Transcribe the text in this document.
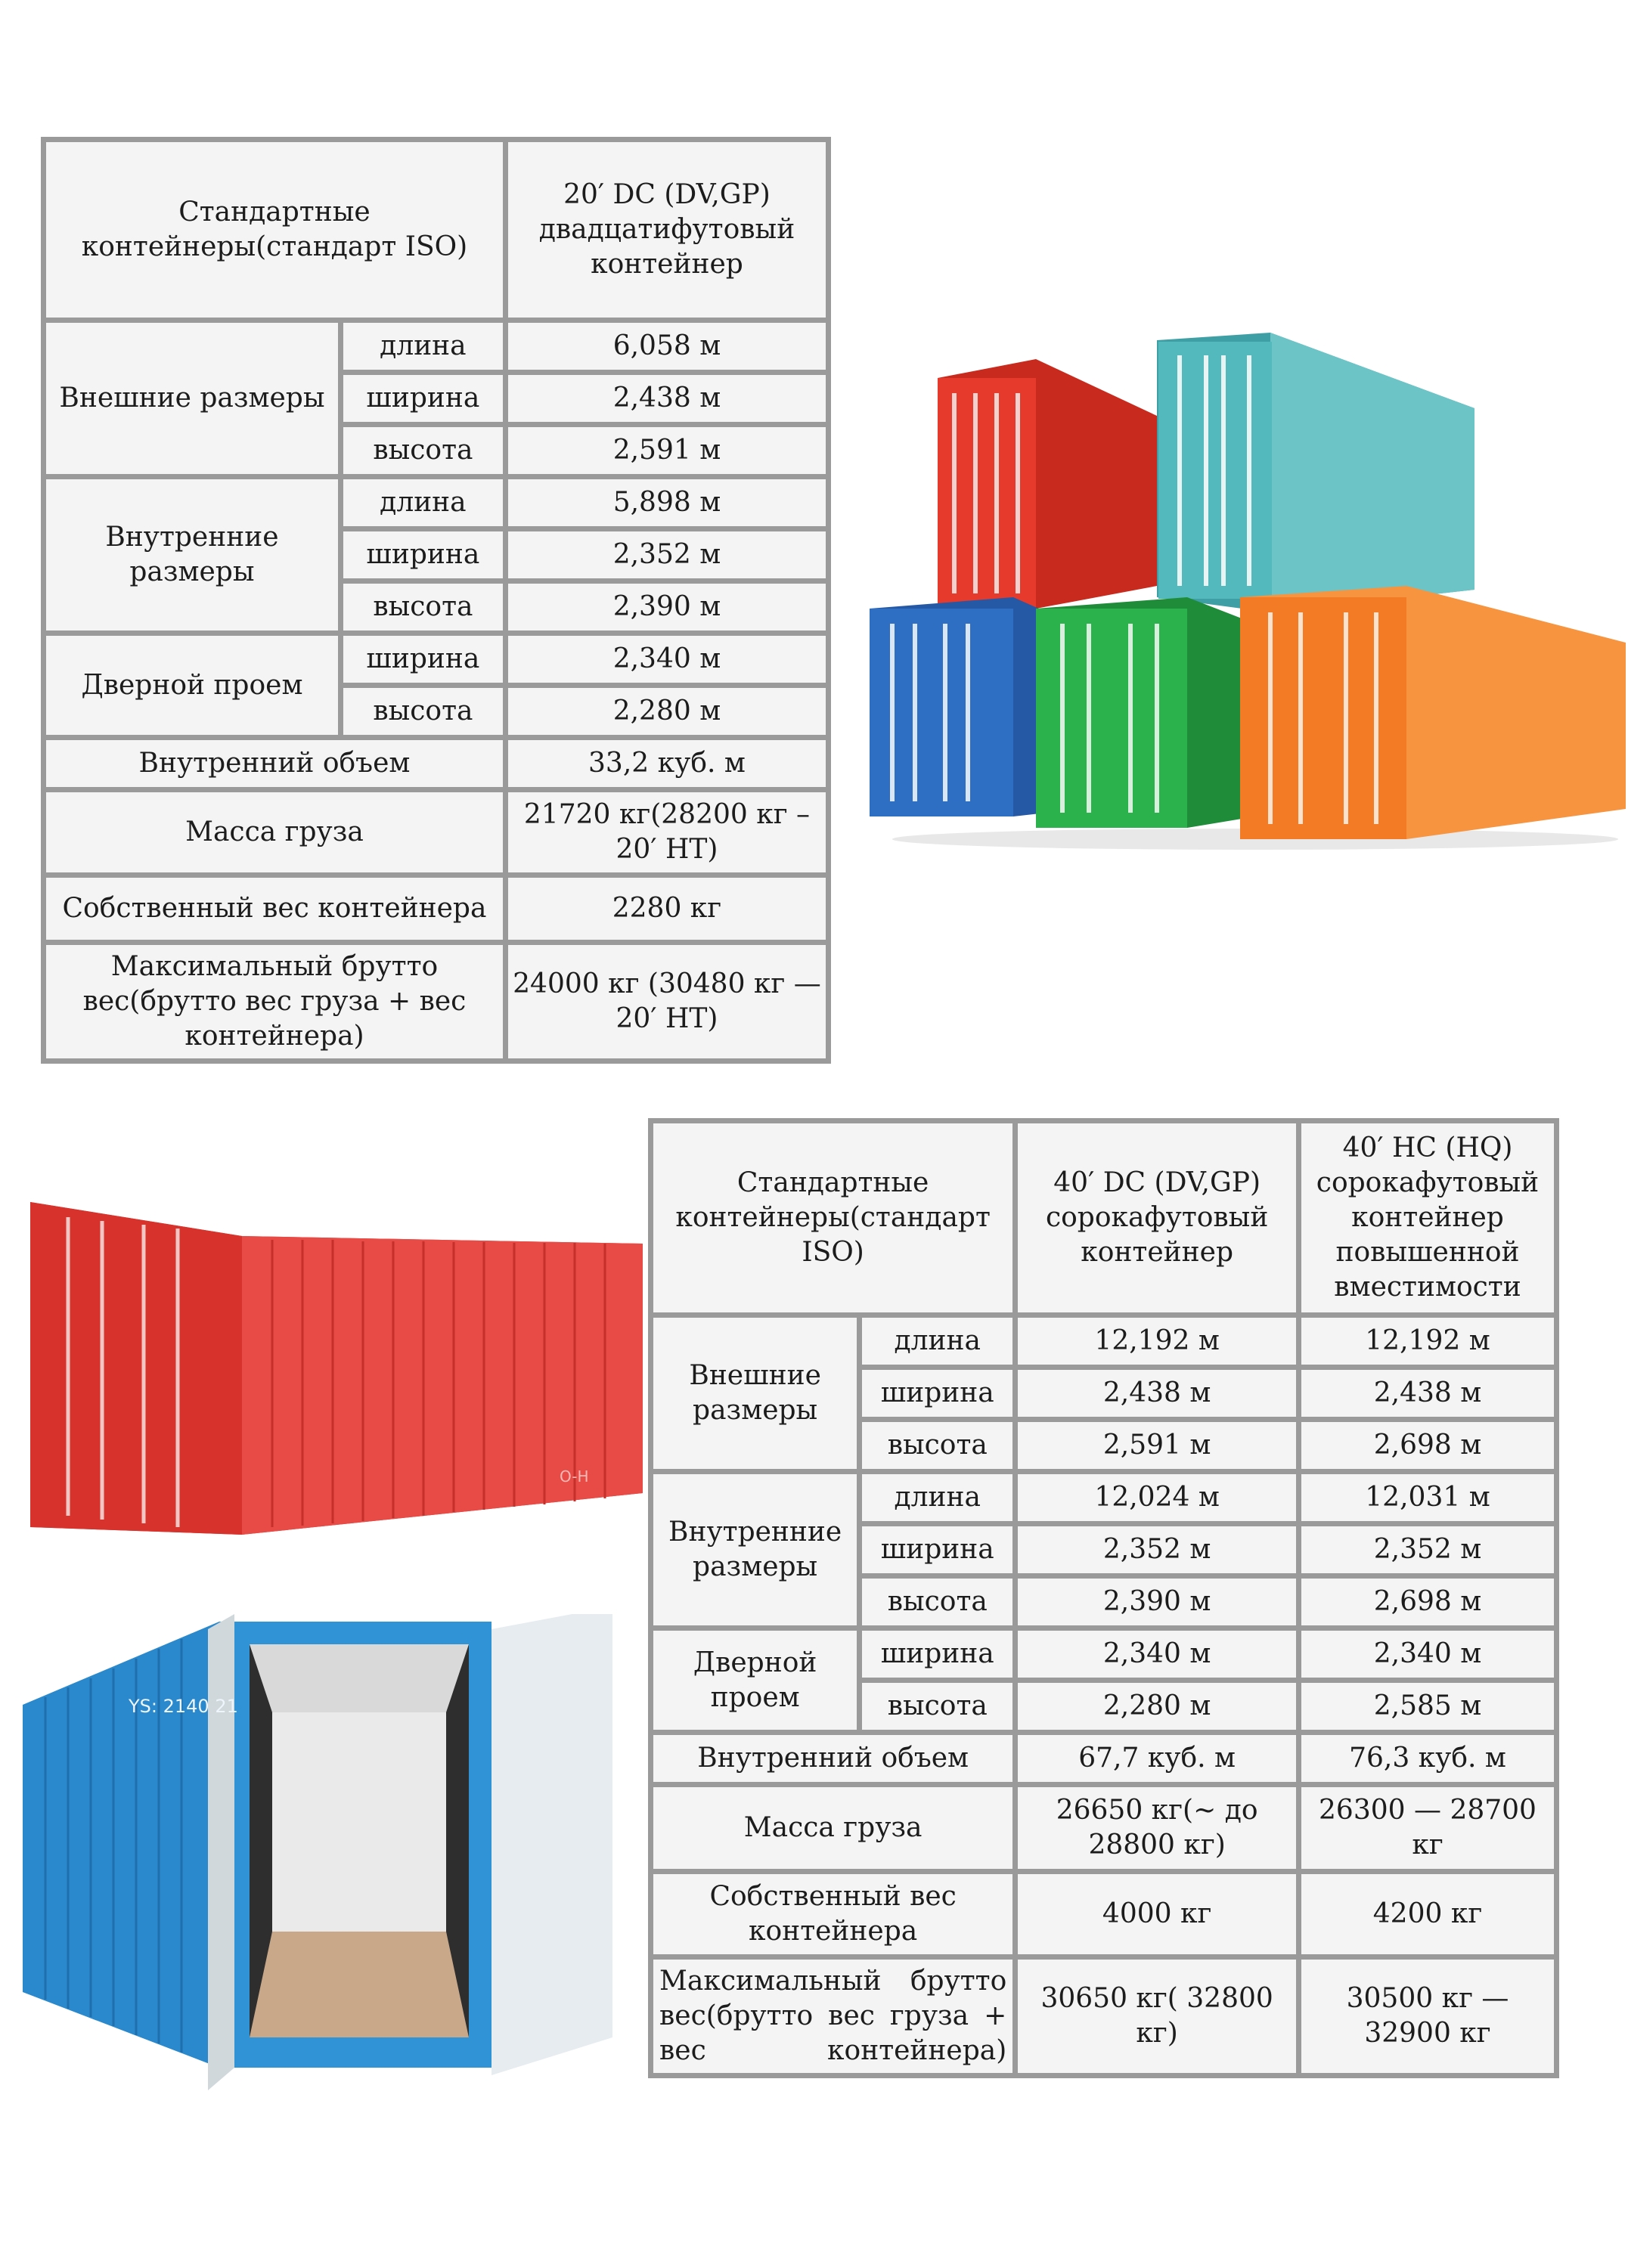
Стандартные контейнеры(стандарт ISO)		20′ DC (DV,GP) двадцатифутовый контейнер
Внешние размеры	длина	6,058 м
	ширина	2,438 м
	высота	2,591 м
Внутренние размеры	длина	5,898 м
	ширина	2,352 м
	высота	2,390 м
Дверной проем	ширина	2,340 м
	высота	2,280 м
Внутренний объем		33,2 куб. м
Масса груза		21720 кг(28200 кг – 20′ НТ)
Собственный вес контейнера		2280 кг
Максимальный брутто вес(брутто вес груза + вес контейнера)		24000 кг (30480 кг — 20′ НТ)
O-H
YS: 2140 21
Стандартные контейнеры(стандарт ISO)		40′ DC (DV,GP) сорокафутовый контейнер	40′ HC (HQ) сорокафутовый контейнер повышенной вместимости
Внешние размеры	длина	12,192 м	12,192 м
	ширина	2,438 м	2,438 м
	высота	2,591 м	2,698 м
Внутренние размеры	длина	12,024 м	12,031 м
	ширина	2,352 м	2,352 м
	высота	2,390 м	2,698 м
Дверной проем	ширина	2,340 м	2,340 м
	высота	2,280 м	2,585 м
Внутренний объем		67,7 куб. м	76,3 куб. м
Масса груза		26650 кг(~ до 28800 кг)	26300 — 28700 кг
Собственный вес контейнера		4000 кг	4200 кг
Максимальный брутто вес(брутто вес груза + вес контейнера)		30650 кг( 32800 кг)	30500 кг — 32900 кг
